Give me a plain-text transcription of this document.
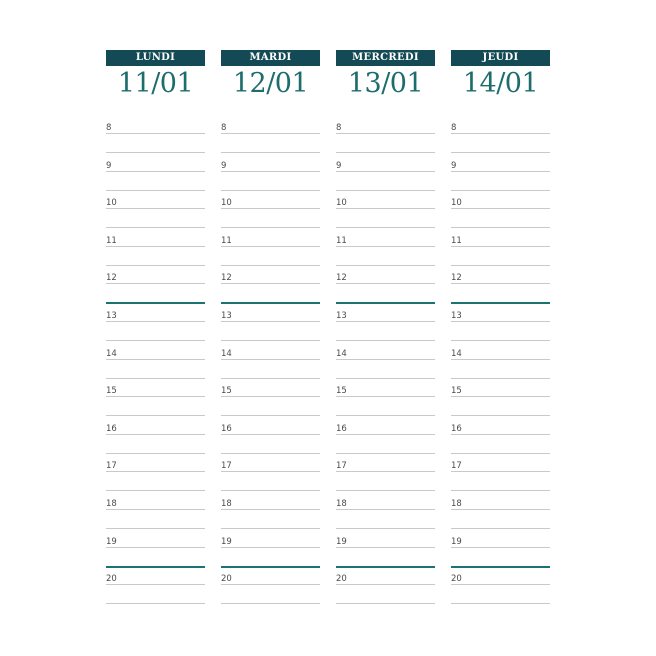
LUNDI
11/01
8
9
10
11
12
13
14
15
16
17
18
19
20
MARDI
12/01
8
9
10
11
12
13
14
15
16
17
18
19
20
MERCREDI
13/01
8
9
10
11
12
13
14
15
16
17
18
19
20
JEUDI
14/01
8
9
10
11
12
13
14
15
16
17
18
19
20
